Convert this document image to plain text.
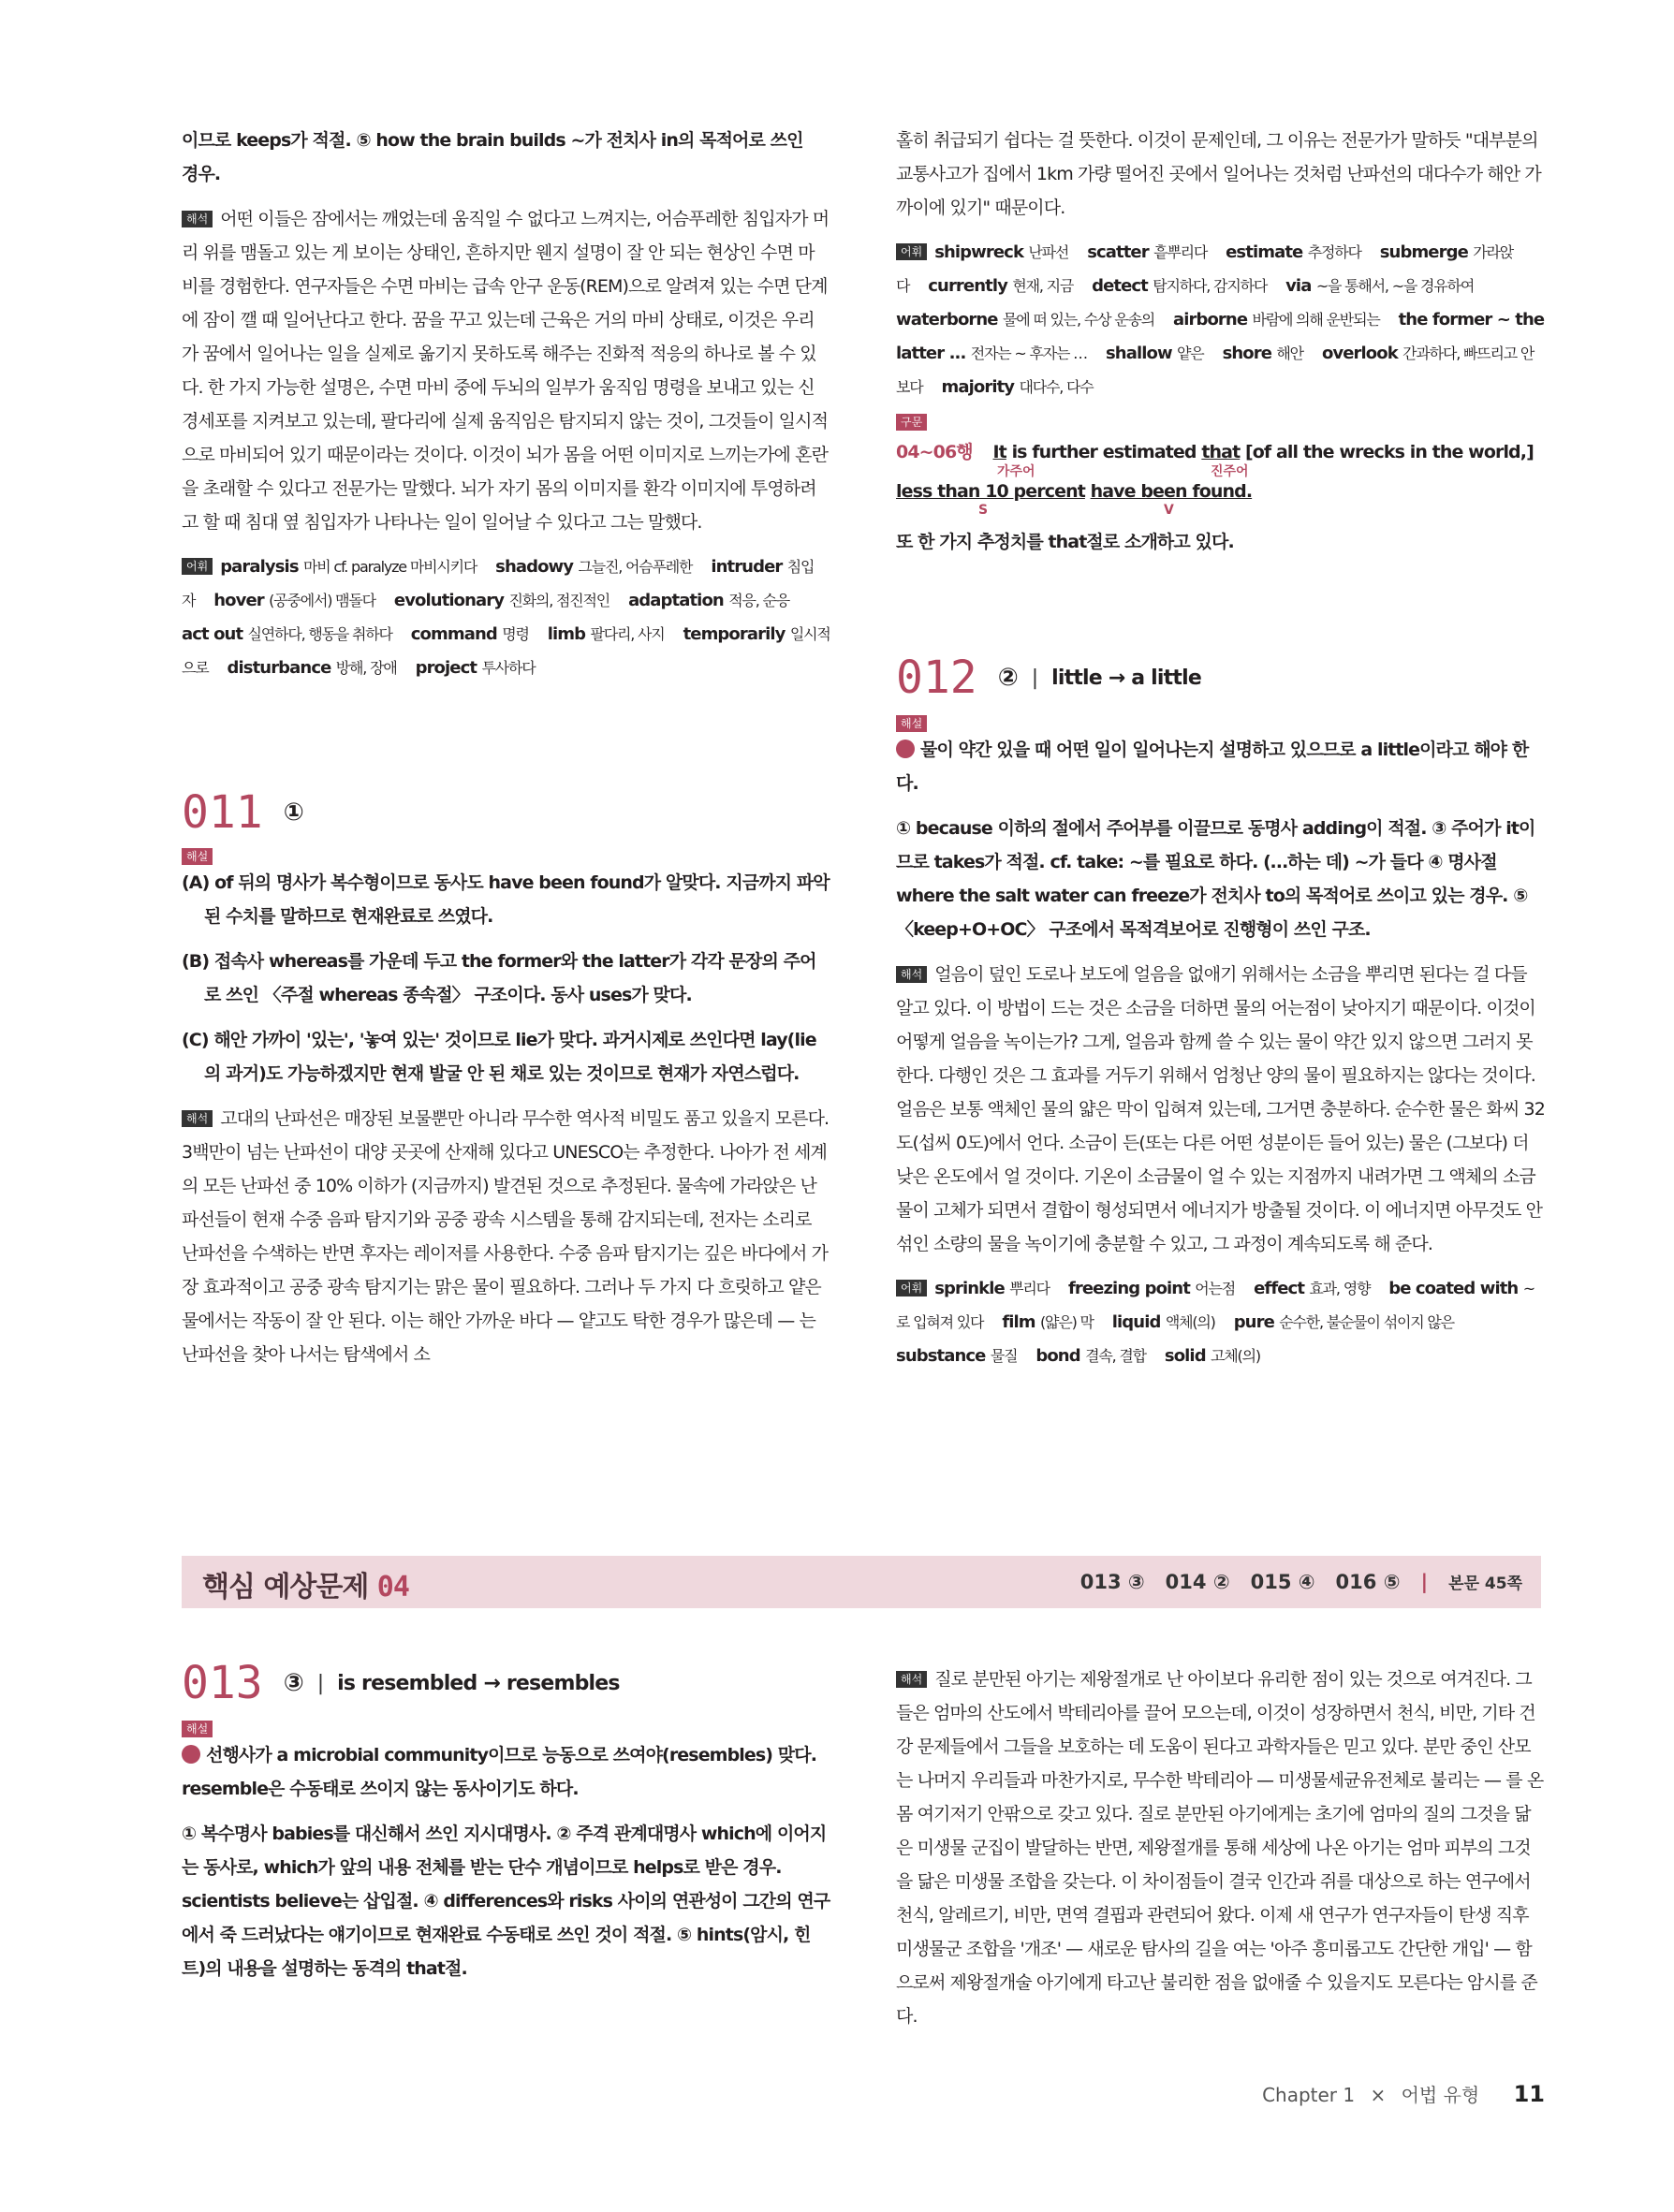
이므로 keeps가 적절. ⑤ how the brain builds ~가 전치사 in의 목적어로 쓰인

경우.

해석 어떤 이들은 잠에서는 깨었는데 움직일 수 없다고 느껴지는, 어슴푸레한 침입자가 머리 위를 맴돌고 있는 게 보이는 상태인, 흔하지만 웬지 설명이 잘 안 되는 현상인 수면 마비를 경험한다. 연구자들은 수면 마비는 급속 안구 운동(REM)으로 알려져 있는 수면 단계에 잠이 깰 때 일어난다고 한다. 꿈을 꾸고 있는데 근육은 거의 마비 상태로, 이것은 우리가 꿈에서 일어나는 일을 실제로 옮기지 못하도록 해주는 진화적 적응의 하나로 볼 수 있다. 한 가지 가능한 설명은, 수면 마비 중에 두뇌의 일부가 움직임 명령을 보내고 있는 신경세포를 지켜보고 있는데, 팔다리에 실제 움직임은 탐지되지 않는 것이, 그것들이 일시적으로 마비되어 있기 때문이라는 것이다. 이것이 뇌가 몸을 어떤 이미지로 느끼는가에 혼란을 초래할 수 있다고 전문가는 말했다. 뇌가 자기 몸의 이미지를 환각 이미지에 투영하려고 할 때 침대 옆 침입자가 나타나는 일이 일어날 수 있다고 그는 말했다.

어휘 paralysis 마비 cf. paralyze 마비시키다 shadowy 그늘진, 어슴푸레한 intruder 침입자 hover (공중에서) 맴돌다 evolutionary 진화의, 점진적인 adaptation 적응, 순응act out 실연하다, 행동을 취하다 command 명령 limb 팔다리, 사지 temporarily 일시적으로 disturbance 방해, 장애 project 투사하다
011 ①
해설

(A) of 뒤의 명사가 복수형이므로 동사도 have been found가 알맞다. 지금까지 파악된 수치를 말하므로 현재완료로 쓰였다.

(B) 접속사 whereas를 가운데 두고 the former와 the latter가 각각 문장의 주어로 쓰인 〈주절 whereas 종속절〉 구조이다. 동사 uses가 맞다.

(C) 해안 가까이 '있는', '놓여 있는' 것이므로 lie가 맞다. 과거시제로 쓰인다면 lay(lie의 과거)도 가능하겠지만 현재 발굴 안 된 채로 있는 것이므로 현재가 자연스럽다.

해석 고대의 난파선은 매장된 보물뿐만 아니라 무수한 역사적 비밀도 품고 있을지 모른다. 3백만이 넘는 난파선이 대양 곳곳에 산재해 있다고 UNESCO는 추정한다. 나아가 전 세계의 모든 난파선 중 10% 이하가 (지금까지) 발견된 것으로 추정된다. 물속에 가라앉은 난파선들이 현재 수중 음파 탐지기와 공중 광속 시스템을 통해 감지되는데, 전자는 소리로 난파선을 수색하는 반면 후자는 레이저를 사용한다. 수중 음파 탐지기는 깊은 바다에서 가장 효과적이고 공중 광속 탐지기는 맑은 물이 필요하다. 그러나 두 가지 다 흐릿하고 얕은 물에서는 작동이 잘 안 된다. 이는 해안 가까운 바다 — 얕고도 탁한 경우가 많은데 — 는 난파선을 찾아 나서는 탐색에서 소

홀히 취급되기 쉽다는 걸 뜻한다. 이것이 문제인데, 그 이유는 전문가가 말하듯 "대부분의 교통사고가 집에서 1km 가량 떨어진 곳에서 일어나는 것처럼 난파선의 대다수가 해안 가까이에 있기" 때문이다.

어휘 shipwreck 난파선 scatter 흩뿌리다 estimate 추정하다 submerge 가라앉다 currently 현재, 지금 detect 탐지하다, 감지하다 via ~을 통해서, ~을 경유하여waterborne 물에 떠 있는, 수상 운송의 airborne 바람에 의해 운반되는 the former ~ the latter ... 전자는 ~ 후자는 … shallow 얕은 shore 해안 overlook 간과하다, 빠뜨리고 안 보다 majority 대다수, 다수
구문
04~06행 It is further estimated that [of all the wrecks in the world,]
가주어	진주어
less than 10 percent have been found.
S	V

또 한 가지 추정치를 that절로 소개하고 있다.

012 ② | little → a little
해설

물이 약간 있을 때 어떤 일이 일어나는지 설명하고 있으므로 a little이라고 해야 한다.

① because 이하의 절에서 주어부를 이끌므로 동명사 adding이 적절. ③ 주어가 it이므로 takes가 적절. cf. take: ~를 필요로 하다. (…하는 데) ~가 들다 ④ 명사절 where the salt water can freeze가 전치사 to의 목적어로 쓰이고 있는 경우. ⑤ 〈keep+O+OC〉 구조에서 목적격보어로 진행형이 쓰인 구조.

해석 얼음이 덮인 도로나 보도에 얼음을 없애기 위해서는 소금을 뿌리면 된다는 걸 다들 알고 있다. 이 방법이 드는 것은 소금을 더하면 물의 어는점이 낮아지기 때문이다. 이것이 어떻게 얼음을 녹이는가? 그게, 얼음과 함께 쓸 수 있는 물이 약간 있지 않으면 그러지 못한다. 다행인 것은 그 효과를 거두기 위해서 엄청난 양의 물이 필요하지는 않다는 것이다. 얼음은 보통 액체인 물의 얇은 막이 입혀져 있는데, 그거면 충분하다. 순수한 물은 화씨 32도(섭씨 0도)에서 언다. 소금이 든(또는 다른 어떤 성분이든 들어 있는) 물은 (그보다) 더 낮은 온도에서 얼 것이다. 기온이 소금물이 얼 수 있는 지점까지 내려가면 그 액체의 소금물이 고체가 되면서 결합이 형성되면서 에너지가 방출될 것이다. 이 에너지면 아무것도 안 섞인 소량의 물을 녹이기에 충분할 수 있고, 그 과정이 계속되도록 해 준다.

어휘 sprinkle 뿌리다 freezing point 어는점 effect 효과, 영향 be coated with ~로 입혀져 있다 film (얇은) 막 liquid 액체(의) pure 순수한, 불순물이 섞이지 않은substance 물질 bond 결속, 결합 solid 고체(의)
핵심 예상문제 04	013 ③ 014 ② 015 ④ 016 ⑤ | 본문 45쪽
013 ③ | is resembled → resembles
해설

선행사가 a microbial community이므로 능동으로 쓰여야(resembles) 맞다. resemble은 수동태로 쓰이지 않는 동사이기도 하다.

① 복수명사 babies를 대신해서 쓰인 지시대명사. ② 주격 관계대명사 which에 이어지는 동사로, which가 앞의 내용 전체를 받는 단수 개념이므로 helps로 받은 경우. scientists believe는 삽입절. ④ differences와 risks 사이의 연관성이 그간의 연구에서 죽 드러났다는 얘기이므로 현재완료 수동태로 쓰인 것이 적절. ⑤ hints(암시, 힌트)의 내용을 설명하는 동격의 that절.

해석 질로 분만된 아기는 제왕절개로 난 아이보다 유리한 점이 있는 것으로 여겨진다. 그들은 엄마의 산도에서 박테리아를 끌어 모으는데, 이것이 성장하면서 천식, 비만, 기타 건강 문제들에서 그들을 보호하는 데 도움이 된다고 과학자들은 믿고 있다. 분만 중인 산모는 나머지 우리들과 마찬가지로, 무수한 박테리아 — 미생물세균유전체로 불리는 — 를 온몸 여기저기 안팎으로 갖고 있다. 질로 분만된 아기에게는 초기에 엄마의 질의 그것을 닮은 미생물 군집이 발달하는 반면, 제왕절개를 통해 세상에 나온 아기는 엄마 피부의 그것을 닮은 미생물 조합을 갖는다. 이 차이점들이 결국 인간과 쥐를 대상으로 하는 연구에서 천식, 알레르기, 비만, 면역 결핍과 관련되어 왔다. 이제 새 연구가 연구자들이 탄생 직후 미생물군 조합을 '개조' — 새로운 탐사의 길을 여는 '아주 흥미롭고도 간단한 개입' — 함으로써 제왕절개술 아기에게 타고난 불리한 점을 없애줄 수 있을지도 모른다는 암시를 준다.

Chapter 1 × 어법 유형 11
